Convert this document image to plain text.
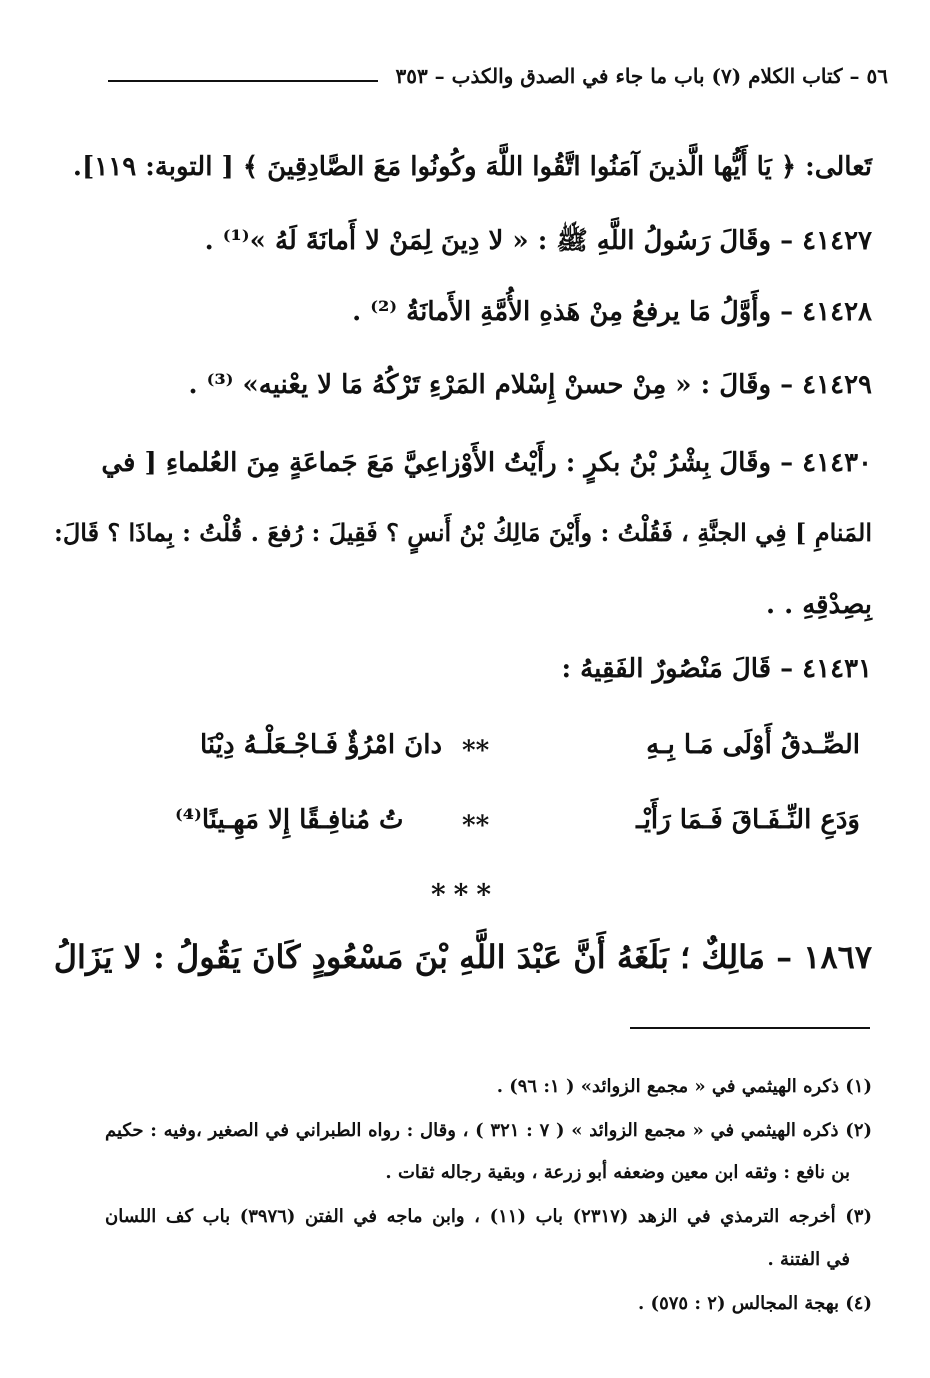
٥٦ – كتاب الكلام (٧) باب ما جاء في الصدق والكذب – ٣٥٣
تَعالى: ﴿ يَا أَيُّها الَّذينَ آمَنُوا اتَّقُوا اللَّهَ وكُونُوا مَعَ الصَّادِقِينَ ﴾ [ التوبة: ١١٩].
٤١٤٢٧ – وقَالَ رَسُولُ اللَّهِ ﷺ : « لا دِينَ لِمَنْ لا أَمانَةَ لَهُ »⁽¹⁾ .
٤١٤٢٨ – وأَوَّلُ مَا يرفعُ مِنْ هَذهِ الأُمَّةِ الأَمانَةُ ⁽²⁾ .
٤١٤٢٩ – وقَالَ : « مِنْ حسنْ إِسْلام المَرْءِ تَرْكُهُ مَا لا يعْنيه» ⁽³⁾ .
٤١٤٣٠ – وقَالَ بِشْرُ بْنُ بكرٍ : رأَيْتُ الأَوْزاعِيَّ مَعَ جَماعَةٍ مِنَ العُلماءِ [ في
المَنامِ ] فِي الجنَّةِ ، فَقُلْتُ : وأَيْنَ مَالِكُ بْنُ أَنسٍ ؟ فَقِيلَ : رُفعَ . قُلْتُ : بِماذَا ؟ قَالَ:
بِصِدْقِهِ . .
٤١٤٣١ – قَالَ مَنْصُورٌ الفَقِيهُ :
الصِّـدقُ أَوْلَى مَـا بِـهِ
**
دانَ امْرُؤٌ فَـاجْـعَلْـهُ دِيْنَا
وَدَعِ النِّـفَـاقَ فَـمَا رَأَيْـ
**
تُ مُنافِـقًا إِلا مَهِـينًا⁽⁴⁾
***
١٨٦٧ – مَالِكٌ ؛ بَلَغَهُ أَنَّ عَبْدَ اللَّهِ بْنَ مَسْعُودٍ كَانَ يَقُولُ : لا يَزَالُ
(١) ذكره الهيثمي في « مجمع الزوائد» ( ١: ٩٦) .
(٢) ذكره الهيثمي في « مجمع الزوائد » ( ٧ : ٣٢١ ) ، وقال : رواه الطبراني في الصغير ،وفيه : حكيم
بن نافع : وثقه ابن معين وضعفه أبو زرعة ، وبقية رجاله ثقات .
(٣) أخرجه الترمذي في الزهد (٢٣١٧) باب (١١) ، وابن ماجه في الفتن (٣٩٧٦) باب كف اللسان
في الفتنة .
(٤) بهجة المجالس (٢ : ٥٧٥) .
